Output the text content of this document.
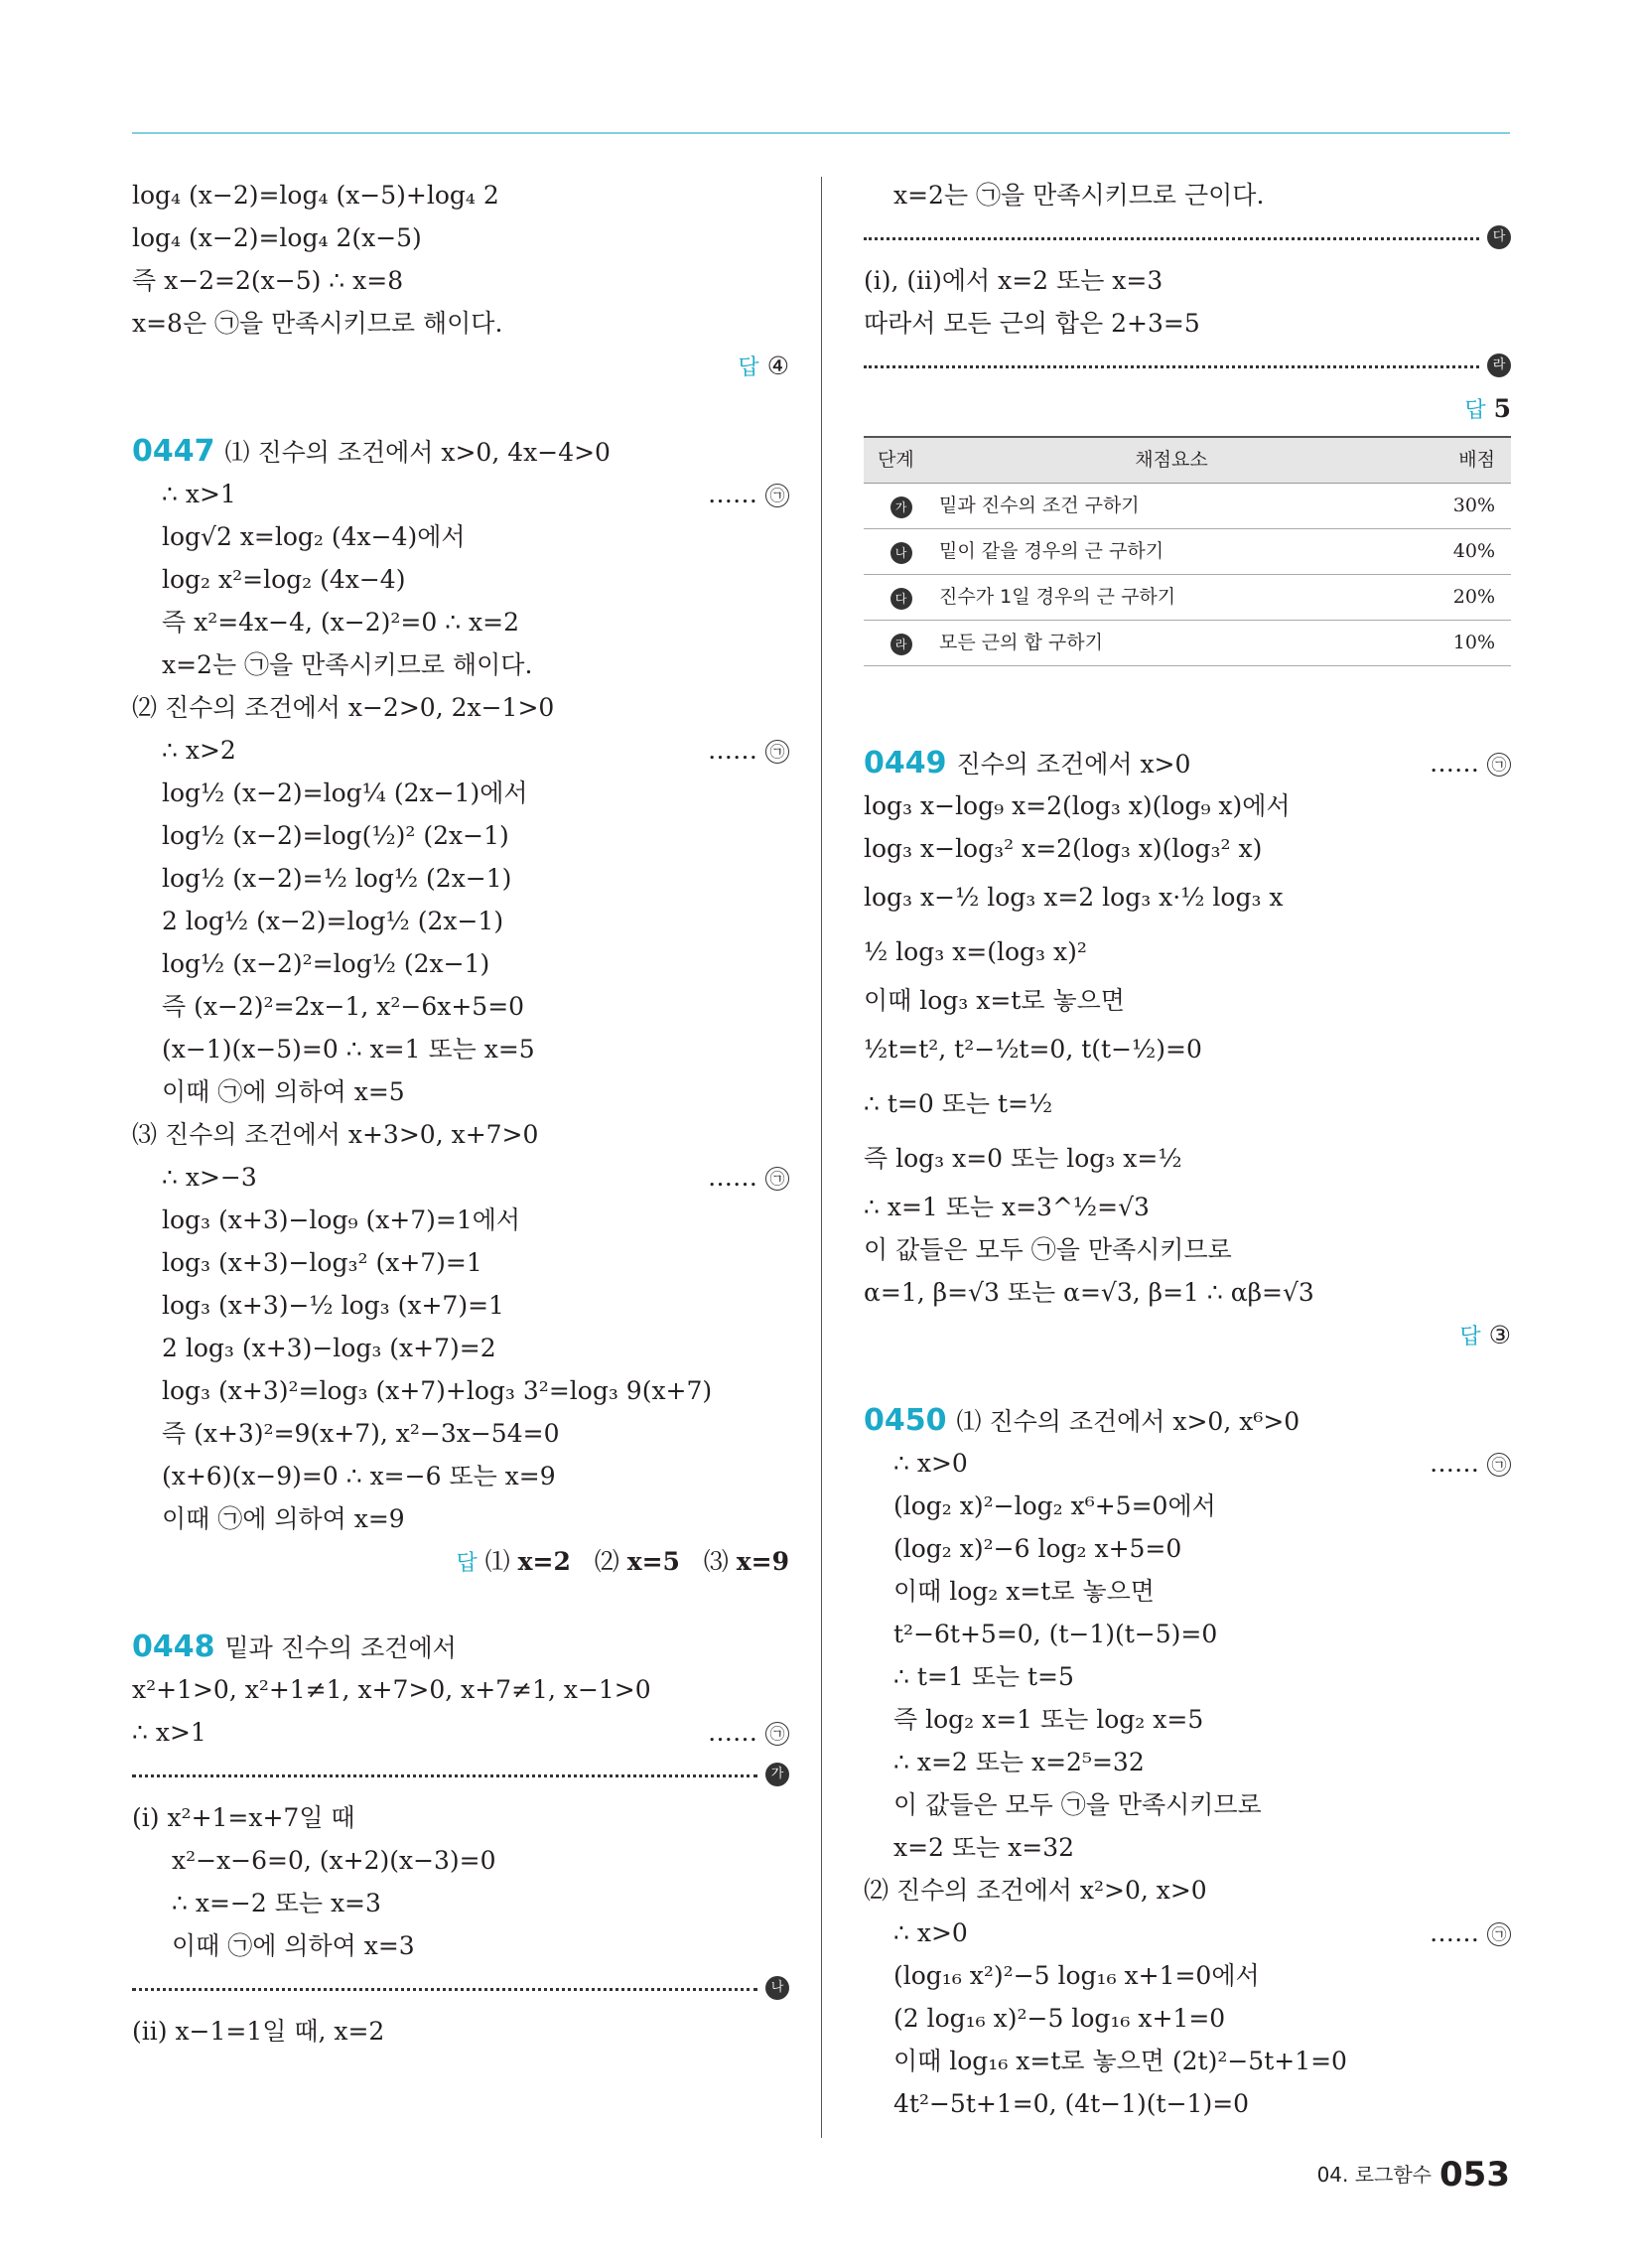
log₄ (x−2)=log₄ (x−5)+log₄ 2
log₄ (x−2)=log₄ 2(x−5)
즉 x−2=2(x−5) ∴ x=8
x=8은 ㉠을 만족시키므로 해이다.
답 ④
0447 ⑴ 진수의 조건에서 x>0, 4x−4>0
∴ x>1	…… ㉠
log√2 x=log₂ (4x−4)에서
log₂ x²=log₂ (4x−4)
즉 x²=4x−4, (x−2)²=0 ∴ x=2
x=2는 ㉠을 만족시키므로 해이다.
⑵ 진수의 조건에서 x−2>0, 2x−1>0
∴ x>2	…… ㉠
log½ (x−2)=log¼ (2x−1)에서
log½ (x−2)=log(½)² (2x−1)
log½ (x−2)=½ log½ (2x−1)
2 log½ (x−2)=log½ (2x−1)
log½ (x−2)²=log½ (2x−1)
즉 (x−2)²=2x−1, x²−6x+5=0
(x−1)(x−5)=0 ∴ x=1 또는 x=5
이때 ㉠에 의하여 x=5
⑶ 진수의 조건에서 x+3>0, x+7>0
∴ x>−3	…… ㉠
log₃ (x+3)−log₉ (x+7)=1에서
log₃ (x+3)−log₃² (x+7)=1
log₃ (x+3)−½ log₃ (x+7)=1
2 log₃ (x+3)−log₃ (x+7)=2
log₃ (x+3)²=log₃ (x+7)+log₃ 3²=log₃ 9(x+7)
즉 (x+3)²=9(x+7), x²−3x−54=0
(x+6)(x−9)=0 ∴ x=−6 또는 x=9
이때 ㉠에 의하여 x=9
답 ⑴ x=2 ⑵ x=5 ⑶ x=9
0448 밑과 진수의 조건에서
x²+1>0, x²+1≠1, x+7>0, x+7≠1, x−1>0
∴ x>1	…… ㉠
가
(ⅰ) x²+1=x+7일 때
x²−x−6=0, (x+2)(x−3)=0
∴ x=−2 또는 x=3
이때 ㉠에 의하여 x=3
나
(ⅱ) x−1=1일 때, x=2
x=2는 ㉠을 만족시키므로 근이다.
다
(ⅰ), (ⅱ)에서 x=2 또는 x=3
따라서 모든 근의 합은 2+3=5
라
답 5
단계	채점요소	배점
가	밑과 진수의 조건 구하기	30%
나	밑이 같을 경우의 근 구하기	40%
다	진수가 1일 경우의 근 구하기	20%
라	모든 근의 합 구하기	10%
0449 진수의 조건에서 x>0	…… ㉠
log₃ x−log₉ x=2(log₃ x)(log₉ x)에서
log₃ x−log₃² x=2(log₃ x)(log₃² x)
log₃ x−½ log₃ x=2 log₃ x·½ log₃ x
½ log₃ x=(log₃ x)²
이때 log₃ x=t로 놓으면
½t=t², t²−½t=0, t(t−½)=0
∴ t=0 또는 t=½
즉 log₃ x=0 또는 log₃ x=½
∴ x=1 또는 x=3^½=√3
이 값들은 모두 ㉠을 만족시키므로
α=1, β=√3 또는 α=√3, β=1 ∴ αβ=√3
답 ③
0450 ⑴ 진수의 조건에서 x>0, x⁶>0
∴ x>0	…… ㉠
(log₂ x)²−log₂ x⁶+5=0에서
(log₂ x)²−6 log₂ x+5=0
이때 log₂ x=t로 놓으면
t²−6t+5=0, (t−1)(t−5)=0
∴ t=1 또는 t=5
즉 log₂ x=1 또는 log₂ x=5
∴ x=2 또는 x=2⁵=32
이 값들은 모두 ㉠을 만족시키므로
x=2 또는 x=32
⑵ 진수의 조건에서 x²>0, x>0
∴ x>0	…… ㉠
(log₁₆ x²)²−5 log₁₆ x+1=0에서
(2 log₁₆ x)²−5 log₁₆ x+1=0
이때 log₁₆ x=t로 놓으면 (2t)²−5t+1=0
4t²−5t+1=0, (4t−1)(t−1)=0
04. 로그함수 053
